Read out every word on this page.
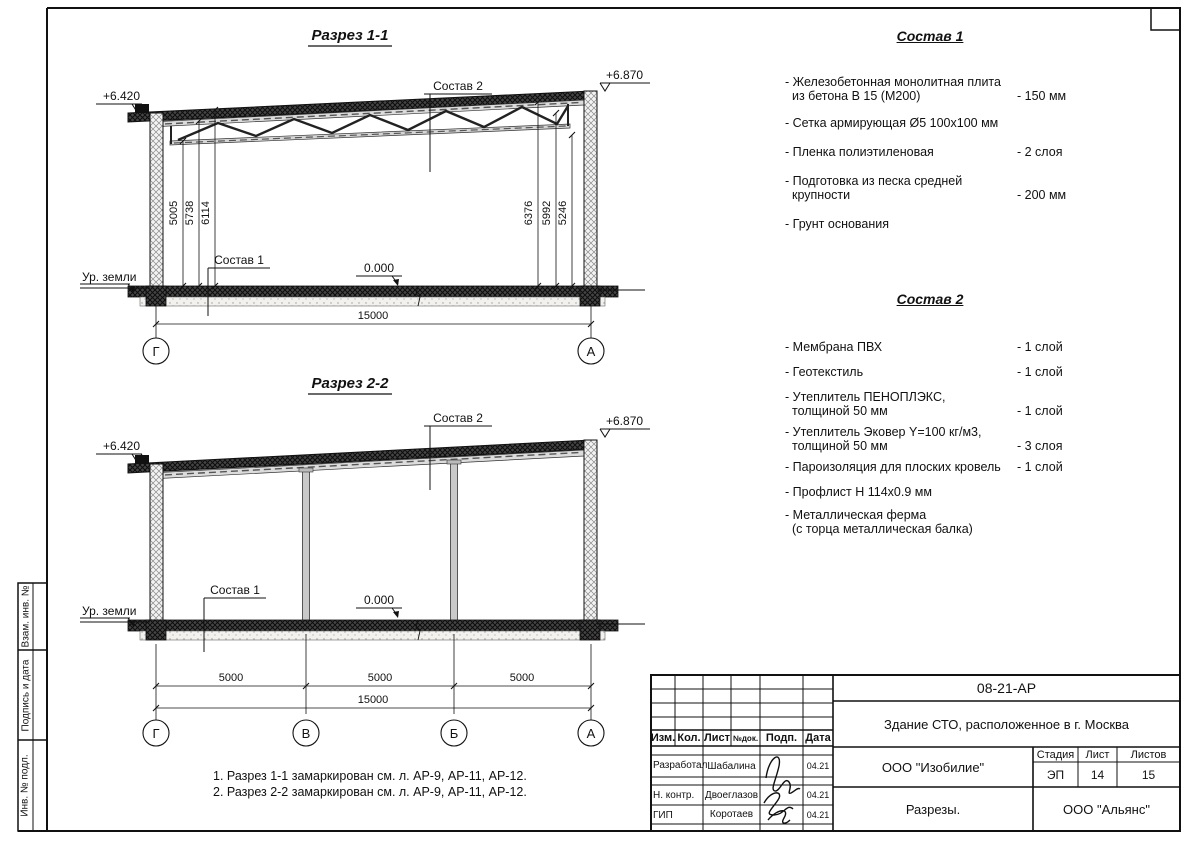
Разрез 1-1
5005 5738 6114	6376 5992 5246
+6.420
+6.870
Состав 2
Состав 1
0.000
Ур. земли
15000
Г	А
Разрез 2-2
+6.420
+6.870
Состав 2
Состав 1
0.000
Ур. земли
5000	5000	5000
15000
Г	В	Б	А
Состав 1
- Железобетонная монолитная плита
из бетона В 15 (М200)	- 150 мм
- Сетка армирующая Ø5 100x100 мм
- Пленка полиэтиленовая	- 2 слоя
- Подготовка из песка средней
крупности	- 200 мм
- Грунт основания
Состав 2
- Мембрана ПВХ	- 1 слой
- Геотекстиль	- 1 слой
- Утеплитель ПЕНОПЛЭКС,
толщиной 50 мм	- 1 слой
- Утеплитель Эковер Y=100 кг/м3,
толщиной 50 мм	- 3 слоя
- Пароизоляция для плоских кровель	- 1 слой
- Профлист Н 114x0.9 мм
- Металлическая ферма
(с торца металлическая балка)
1. Разрез 1-1 замаркирован см. л. АР-9, АР-11, АР-12.
2. Разрез 2-2 замаркирован см. л. АР-9, АР-11, АР-12.
08-21-АР
Здание СТО, расположенное в г. Москва
ООО "Изобилие"
Стадия	Лист	Листов
ЭП	14	15
Разрезы.	ООО "Альянс"
Изм. Кол. Лист №док. Подп. Дата
Разработал Шабалина	04.21
Н. контр.	Двоеглазов	04.21
ГИП	Коротаев	04.21
Взам. инв. №
Подпись и дата
Инв. № подл.
